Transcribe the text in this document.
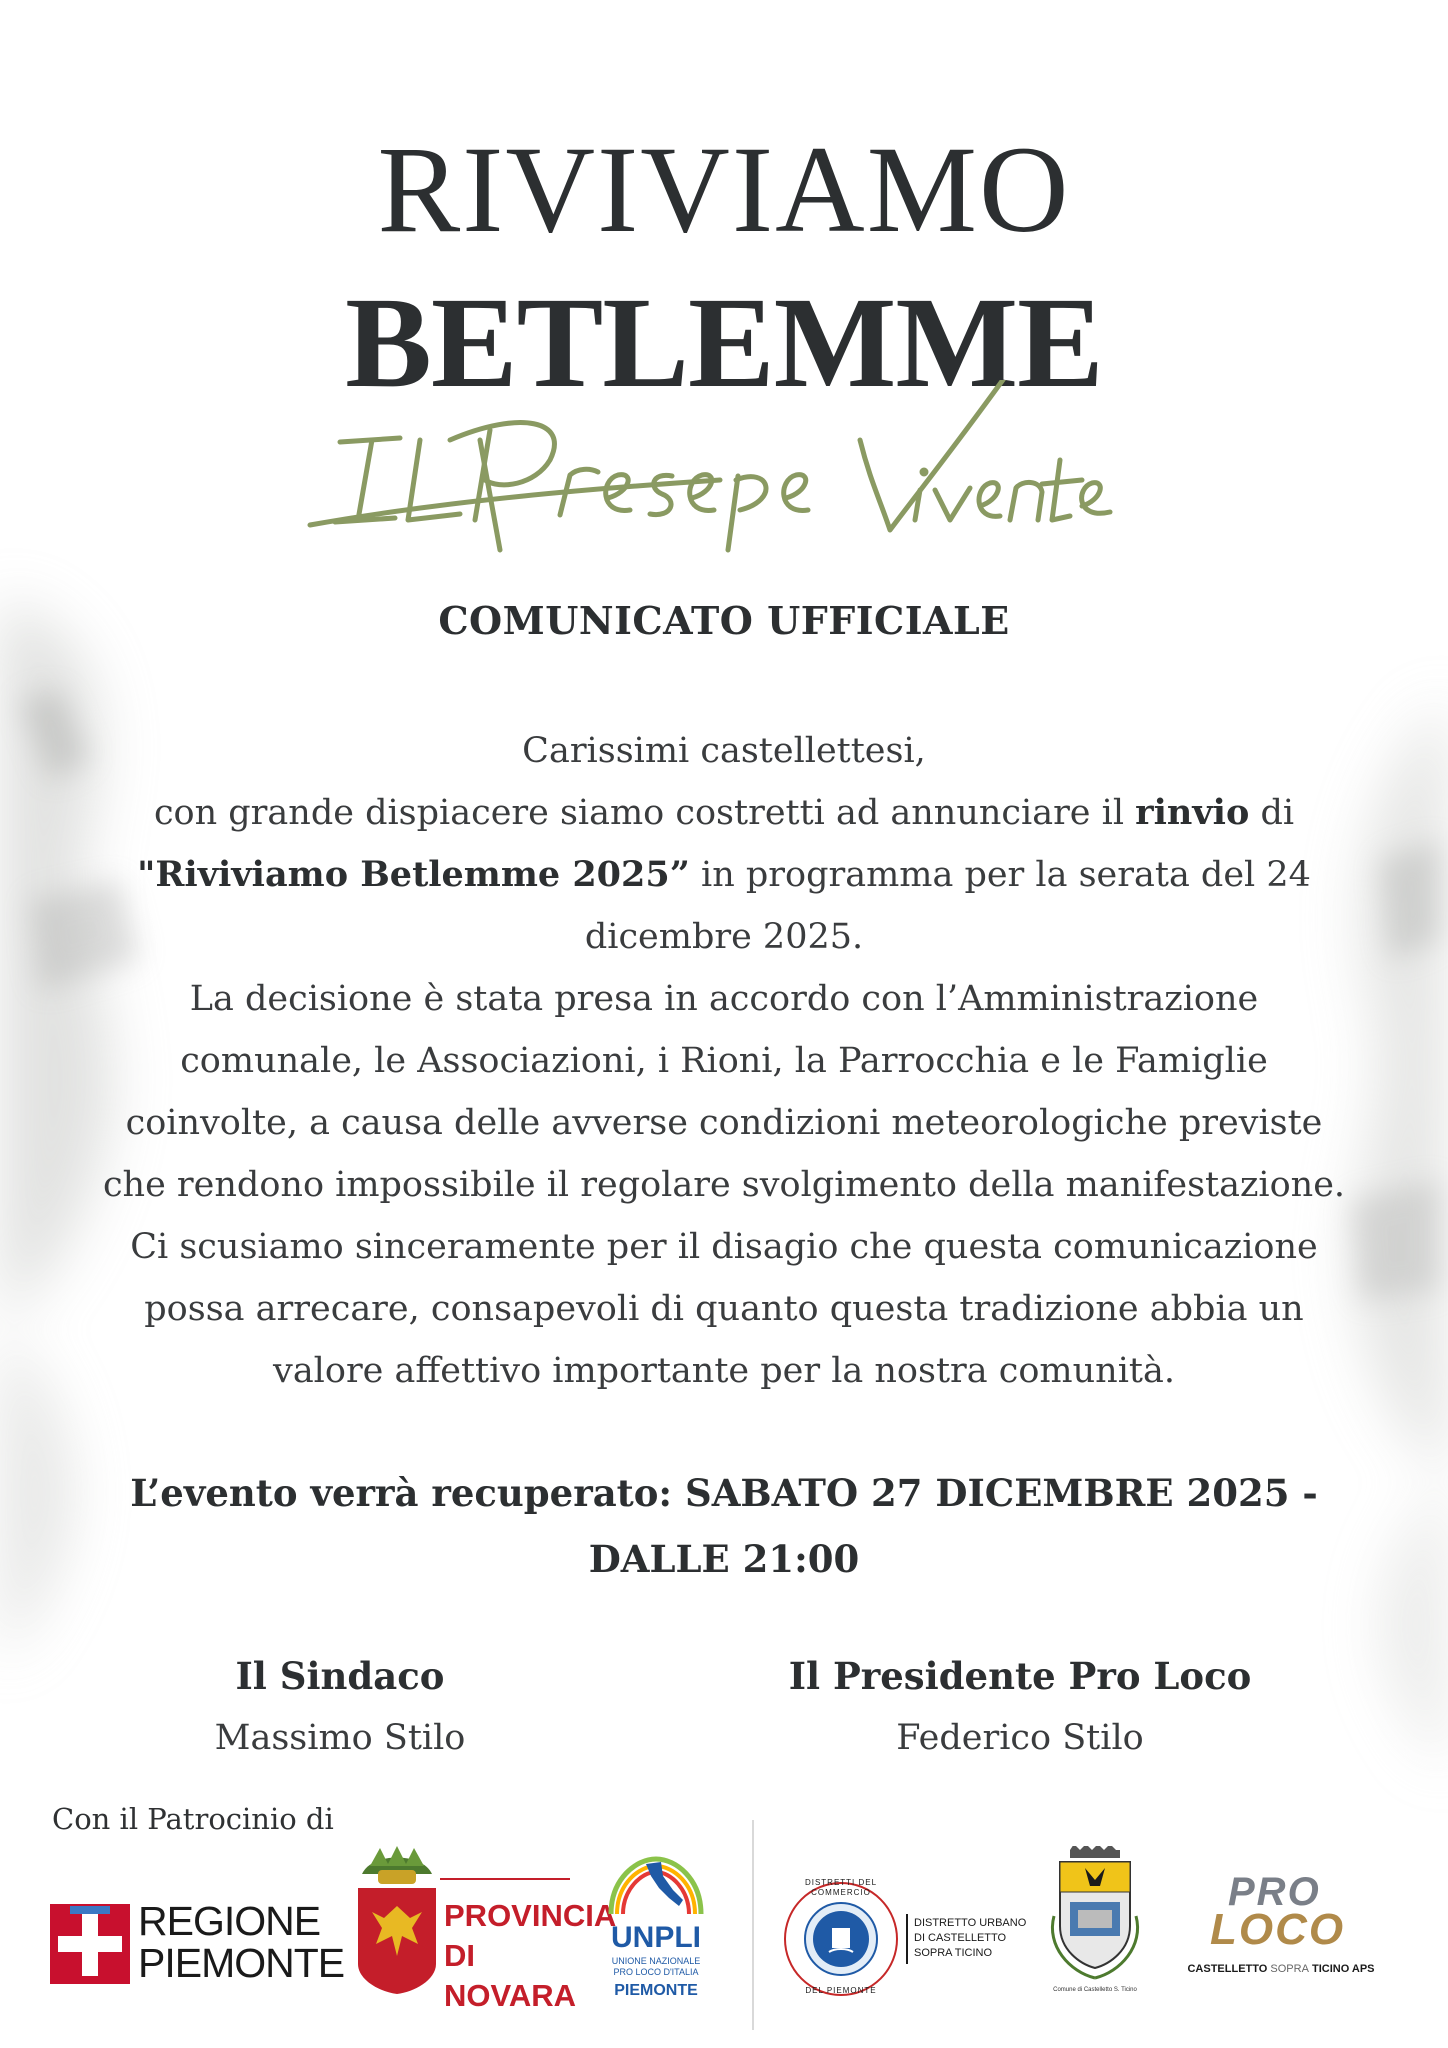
RIVIVIAMO
BETLEMME
COMUNICATO UFFICIALE
Carissimi castellettesi,
con grande dispiacere siamo costretti ad annunciare il rinvio di
"Riviviamo Betlemme 2025” in programma per la serata del 24
dicembre 2025.
La decisione è stata presa in accordo con l’Amministrazione
comunale, le Associazioni, i Rioni, la Parrocchia e le Famiglie
coinvolte, a causa delle avverse condizioni meteorologiche previste
che rendono impossibile il regolare svolgimento della manifestazione.
Ci scusiamo sinceramente per il disagio che questa comunicazione
possa arrecare, consapevoli di quanto questa tradizione abbia un
valore affettivo importante per la nostra comunità.
L’evento verrà recuperato: SABATO 27 DICEMBRE 2025 -
DALLE 21:00
Il Sindaco
Massimo Stilo
Il Presidente Pro Loco
Federico Stilo
Con il Patrocinio di
REGIONE
PIEMONTE
PROVINCIA
DI NOVARA
UNPLI
UNIONE NAZIONALE
PRO LOCO D'ITALIA
PIEMONTE
DISTRETTI DEL COMMERCIO
DEL PIEMONTE
DISTRETTO URBANO
DI CASTELLETTO
SOPRA TICINO
Comune di Castelletto S. Ticino
PRO
LOCO
CASTELLETTO SOPRA TICINO APS
